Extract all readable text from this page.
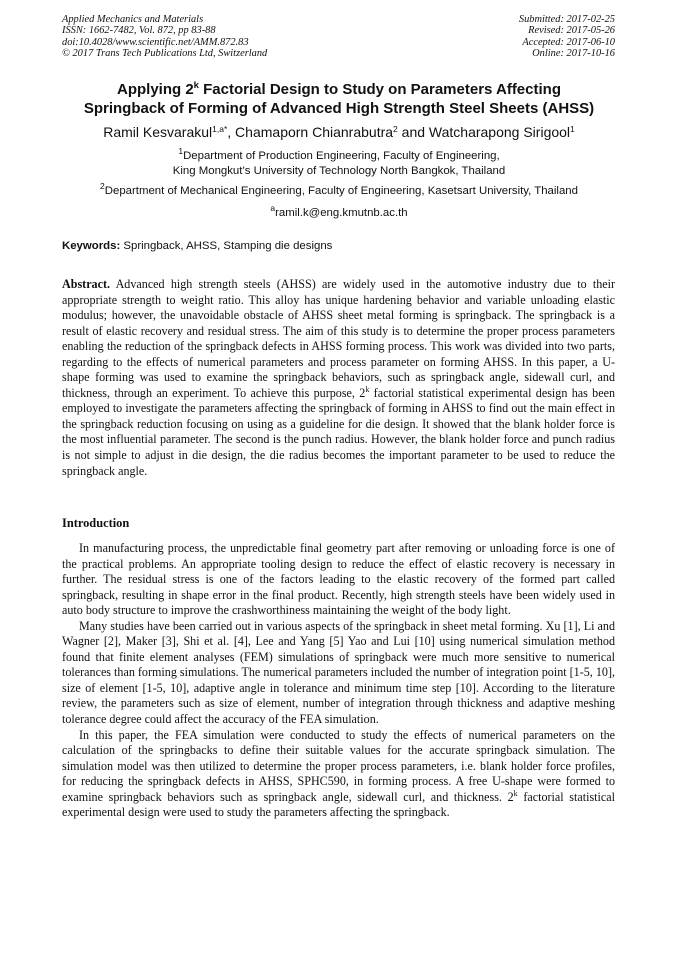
Applied Mechanics and Materials
ISSN: 1662-7482, Vol. 872, pp 83-88
doi:10.4028/www.scientific.net/AMM.872.83
© 2017 Trans Tech Publications Ltd, Switzerland
Submitted: 2017-02-25
Revised: 2017-05-26
Accepted: 2017-06-10
Online: 2017-10-16
Applying 2$^k$ Factorial Design to Study on Parameters Affecting
Springback of Forming of Advanced High Strength Steel Sheets (AHSS)
Ramil Kesvarakul$^{1,a*}$, Chamaporn Chianrabutra$^2$ and Watcharapong Sirigool$^1$
$^1$Department of Production Engineering, Faculty of Engineering,
King Mongkut’s University of Technology North Bangkok, Thailand
$^2$Department of Mechanical Engineering, Faculty of Engineering, Kasetsart University, Thailand
$^a$ramil.k@eng.kmutnb.ac.th
Keywords: Springback, AHSS, Stamping die designs

Abstract. Advanced high strength steels (AHSS) are widely used in the automotive industry due to their appropriate strength to weight ratio. This alloy has unique hardening behavior and variable unloading elastic modulus; however, the unavoidable obstacle of AHSS sheet metal forming is springback. The springback is a result of elastic recovery and residual stress. The aim of this study is to determine the proper process parameters enabling the reduction of the springback defects in AHSS forming process. This work was divided into two parts, regarding to the effects of numerical parameters and process parameter on forming AHSS. In this paper, a U-shape forming was used to examine the springback behaviors, such as springback angle, sidewall curl, and thickness, through an experiment. To achieve this purpose, 2$^k$ factorial statistical experimental design has been employed to investigate the parameters affecting the springback of forming in AHSS to find out the main effect in the springback reduction focusing on using as a guideline for die design. It showed that the blank holder force is the most influential parameter. The second is the punch radius. However, the blank holder force and punch radius is not simple to adjust in die design, the die radius becomes the important parameter to be used to reduce the springback angle.

Introduction

In manufacturing process, the unpredictable final geometry part after removing or unloading force is one of the practical problems. An appropriate tooling design to reduce the effect of elastic recovery is necessary in further. The residual stress is one of the factors leading to the elastic recovery of the formed part called springback, resulting in shape error in the final product. Recently, high strength steels have been widely used in auto body structure to improve the crashworthiness maintaining the weight of the body light.

Many studies have been carried out in various aspects of the springback in sheet metal forming. Xu [1], Li and Wagner [2], Maker [3], Shi et al. [4], Lee and Yang [5] Yao and Lui [10] using numerical simulation method found that finite element analyses (FEM) simulations of springback were much more sensitive to numerical tolerances than forming simulations. The numerical parameters included the number of integration point [1-5, 10], size of element [1-5, 10], adaptive angle in tolerance and minimum time step [10]. According to the literature review, the parameters such as size of element, number of integration through thickness and adaptive meshing tolerance degree could affect the accuracy of the FEA simulation.

In this paper, the FEA simulation were conducted to study the effects of numerical parameters on the calculation of the springbacks to define their suitable values for the accurate springback simulation. The simulation model was then utilized to determine the proper process parameters, i.e. blank holder force profiles, for reducing the springback defects in AHSS, SPHC590, in forming process. A free U-shape were formed to examine springback behaviors such as springback angle, sidewall curl, and thickness. 2$^k$ factorial statistical experimental design were used to study the parameters affecting the springback.
